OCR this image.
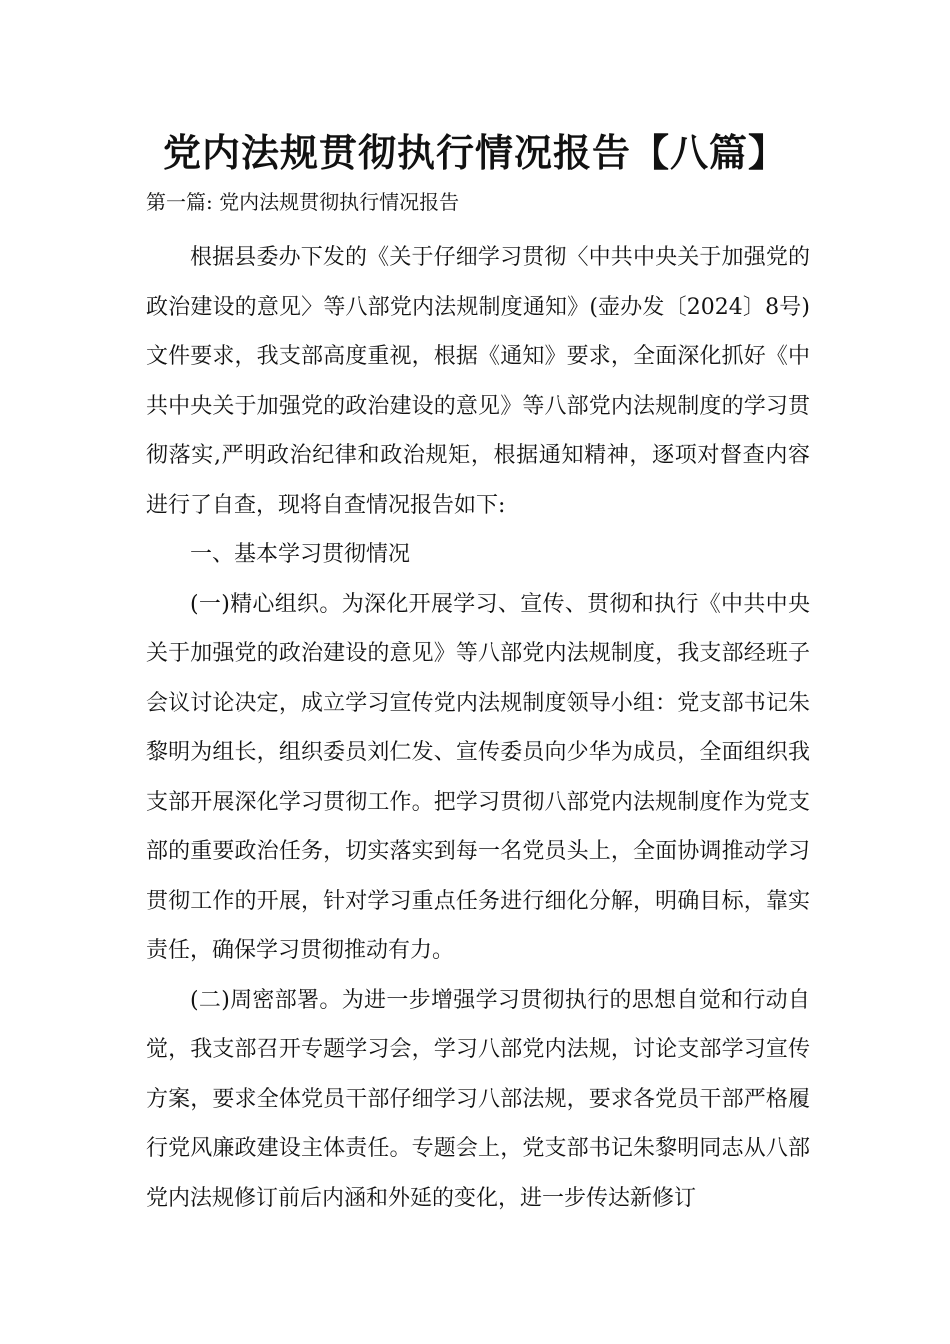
党内法规贯彻执行情况报告【八篇】

第一篇: 党内法规贯彻执行情况报告

根据县委办下发的《关于仔细学习贯彻〈中共中央关于加强党的政治建设的意见〉等八部党内法规制度通知》(壶办发〔2024〕8号)文件要求，我支部高度重视，根据《通知》要求，全面深化抓好《中共中央关于加强党的政治建设的意见》等八部党内法规制度的学习贯彻落实,严明政治纪律和政治规矩，根据通知精神，逐项对督查内容进行了自查，现将自查情况报告如下:

一、基本学习贯彻情况

(一)精心组织。为深化开展学习、宣传、贯彻和执行《中共中央关于加强党的政治建设的意见》等八部党内法规制度，我支部经班子会议讨论决定，成立学习宣传党内法规制度领导小组：党支部书记朱黎明为组长，组织委员刘仁发、宣传委员向少华为成员，全面组织我支部开展深化学习贯彻工作。把学习贯彻八部党内法规制度作为党支部的重要政治任务，切实落实到每一名党员头上，全面协调推动学习贯彻工作的开展，针对学习重点任务进行细化分解，明确目标，靠实责任，确保学习贯彻推动有力。

(二)周密部署。为进一步增强学习贯彻执行的思想自觉和行动自觉，我支部召开专题学习会，学习八部党内法规，讨论支部学习宣传方案，要求全体党员干部仔细学习八部法规，要求各党员干部严格履行党风廉政建设主体责任。专题会上，党支部书记朱黎明同志从八部党内法规修订前后内涵和外延的变化，进一步传达新修订
